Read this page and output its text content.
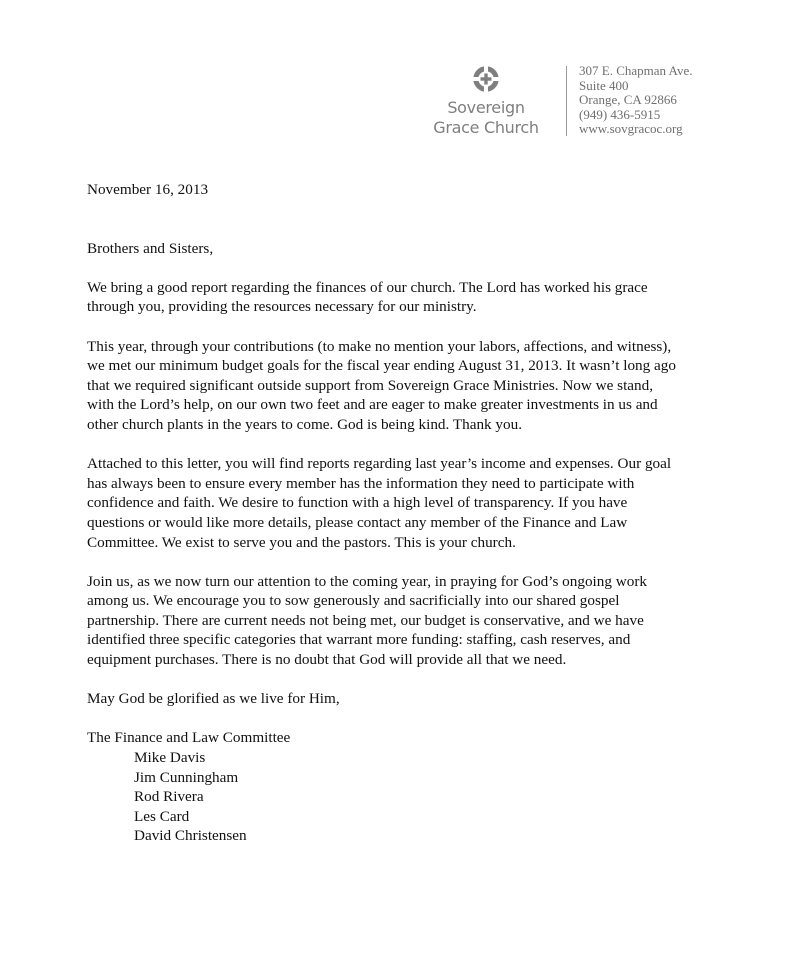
Sovereign
Grace Church
307 E. Chapman Ave.
Suite 400
Orange, CA 92866
(949) 436-5915
www.sovgracoc.org

November 16, 2013

Brothers and Sisters,

We bring a good report regarding the finances of our church. The Lord has worked his grace
through you, providing the resources necessary for our ministry.

This year, through your contributions (to make no mention your labors, affections, and witness),
we met our minimum budget goals for the fiscal year ending August 31, 2013. It wasn’t long ago
that we required significant outside support from Sovereign Grace Ministries. Now we stand,
with the Lord’s help, on our own two feet and are eager to make greater investments in us and
other church plants in the years to come. God is being kind. Thank you.

Attached to this letter, you will find reports regarding last year’s income and expenses. Our goal
has always been to ensure every member has the information they need to participate with
confidence and faith. We desire to function with a high level of transparency. If you have
questions or would like more details, please contact any member of the Finance and Law
Committee. We exist to serve you and the pastors. This is your church.

Join us, as we now turn our attention to the coming year, in praying for God’s ongoing work
among us. We encourage you to sow generously and sacrificially into our shared gospel
partnership. There are current needs not being met, our budget is conservative, and we have
identified three specific categories that warrant more funding: staffing, cash reserves, and
equipment purchases. There is no doubt that God will provide all that we need.

May God be glorified as we live for Him,

The Finance and Law Committee

Mike Davis
Jim Cunningham
Rod Rivera
Les Card
David Christensen
